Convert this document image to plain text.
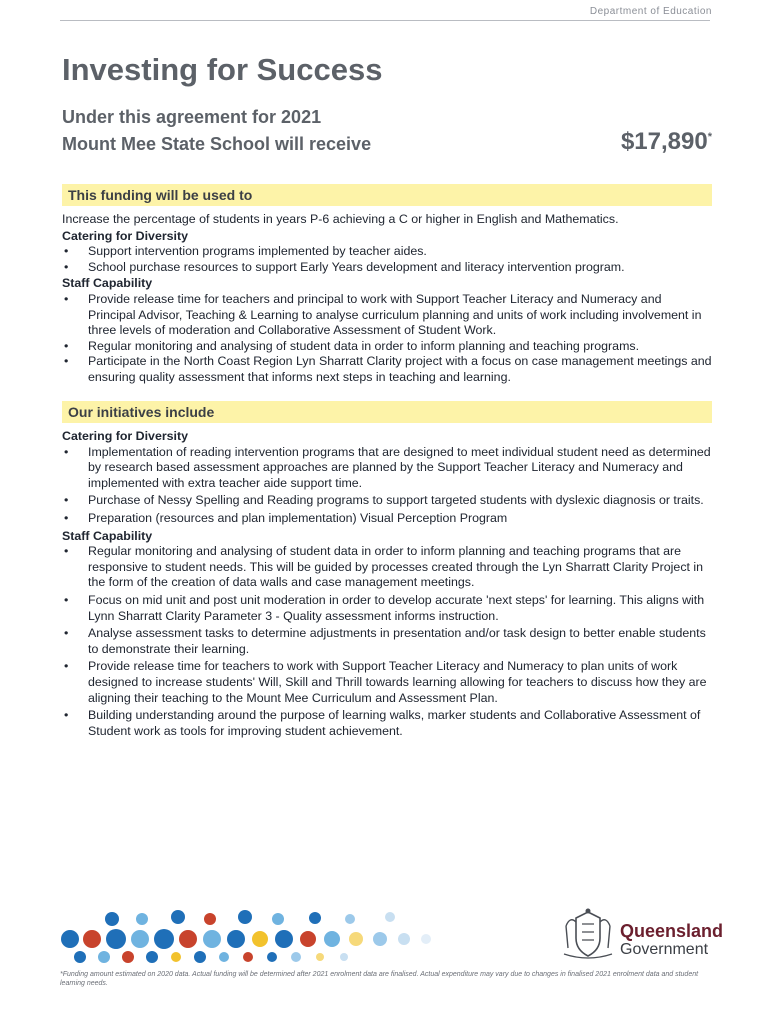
Department of Education
Investing for Success
Under this agreement for 2021
Mount Mee State School will receive	$17,890*
This funding will be used to

Increase the percentage of students in years P-6 achieving a C or higher in English and Mathematics.

Catering for Diversity
• Support intervention programs implemented by teacher aides.
• School purchase resources to support Early Years development and literacy intervention program.
Staff Capability
• Provide release time for teachers and principal to work with Support Teacher Literacy and Numeracy and Principal Advisor, Teaching & Learning to analyse curriculum planning and units of work including involvement in three levels of moderation and Collaborative Assessment of Student Work.
• Regular monitoring and analysing of student data in order to inform planning and teaching programs.
• Participate in the North Coast Region Lyn Sharratt Clarity project with a focus on case management meetings and ensuring quality assessment that informs next steps in teaching and learning.
Our initiatives include
Catering for Diversity
• Implementation of reading intervention programs that are designed to meet individual student need as determined by research based assessment approaches are planned by the Support Teacher Literacy and Numeracy and implemented with extra teacher aide support time.
• Purchase of Nessy Spelling and Reading programs to support targeted students with dyslexic diagnosis or traits.
• Preparation (resources and plan implementation) Visual Perception Program
Staff Capability
• Regular monitoring and analysing of student data in order to inform planning and teaching programs that are responsive to student needs. This will be guided by processes created through the Lyn Sharratt Clarity Project in the form of the creation of data walls and case management meetings.
• Focus on mid unit and post unit moderation in order to develop accurate 'next steps' for learning. This aligns with Lynn Sharratt Clarity Parameter 3 - Quality assessment informs instruction.
• Analyse assessment tasks to determine adjustments in presentation and/or task design to better enable students to demonstrate their learning.
• Provide release time for teachers to work with Support Teacher Literacy and Numeracy to plan units of work designed to increase students' Will, Skill and Thrill towards learning allowing for teachers to discuss how they are aligning their teaching to the Mount Mee Curriculum and Assessment Plan.
• Building understanding around the purpose of learning walks, marker students and Collaborative Assessment of Student work as tools for improving student achievement.
Queensland
Government
*Funding amount estimated on 2020 data. Actual funding will be determined after 2021 enrolment data are finalised. Actual expenditure may vary due to changes in finalised 2021 enrolment data and student learning needs.
